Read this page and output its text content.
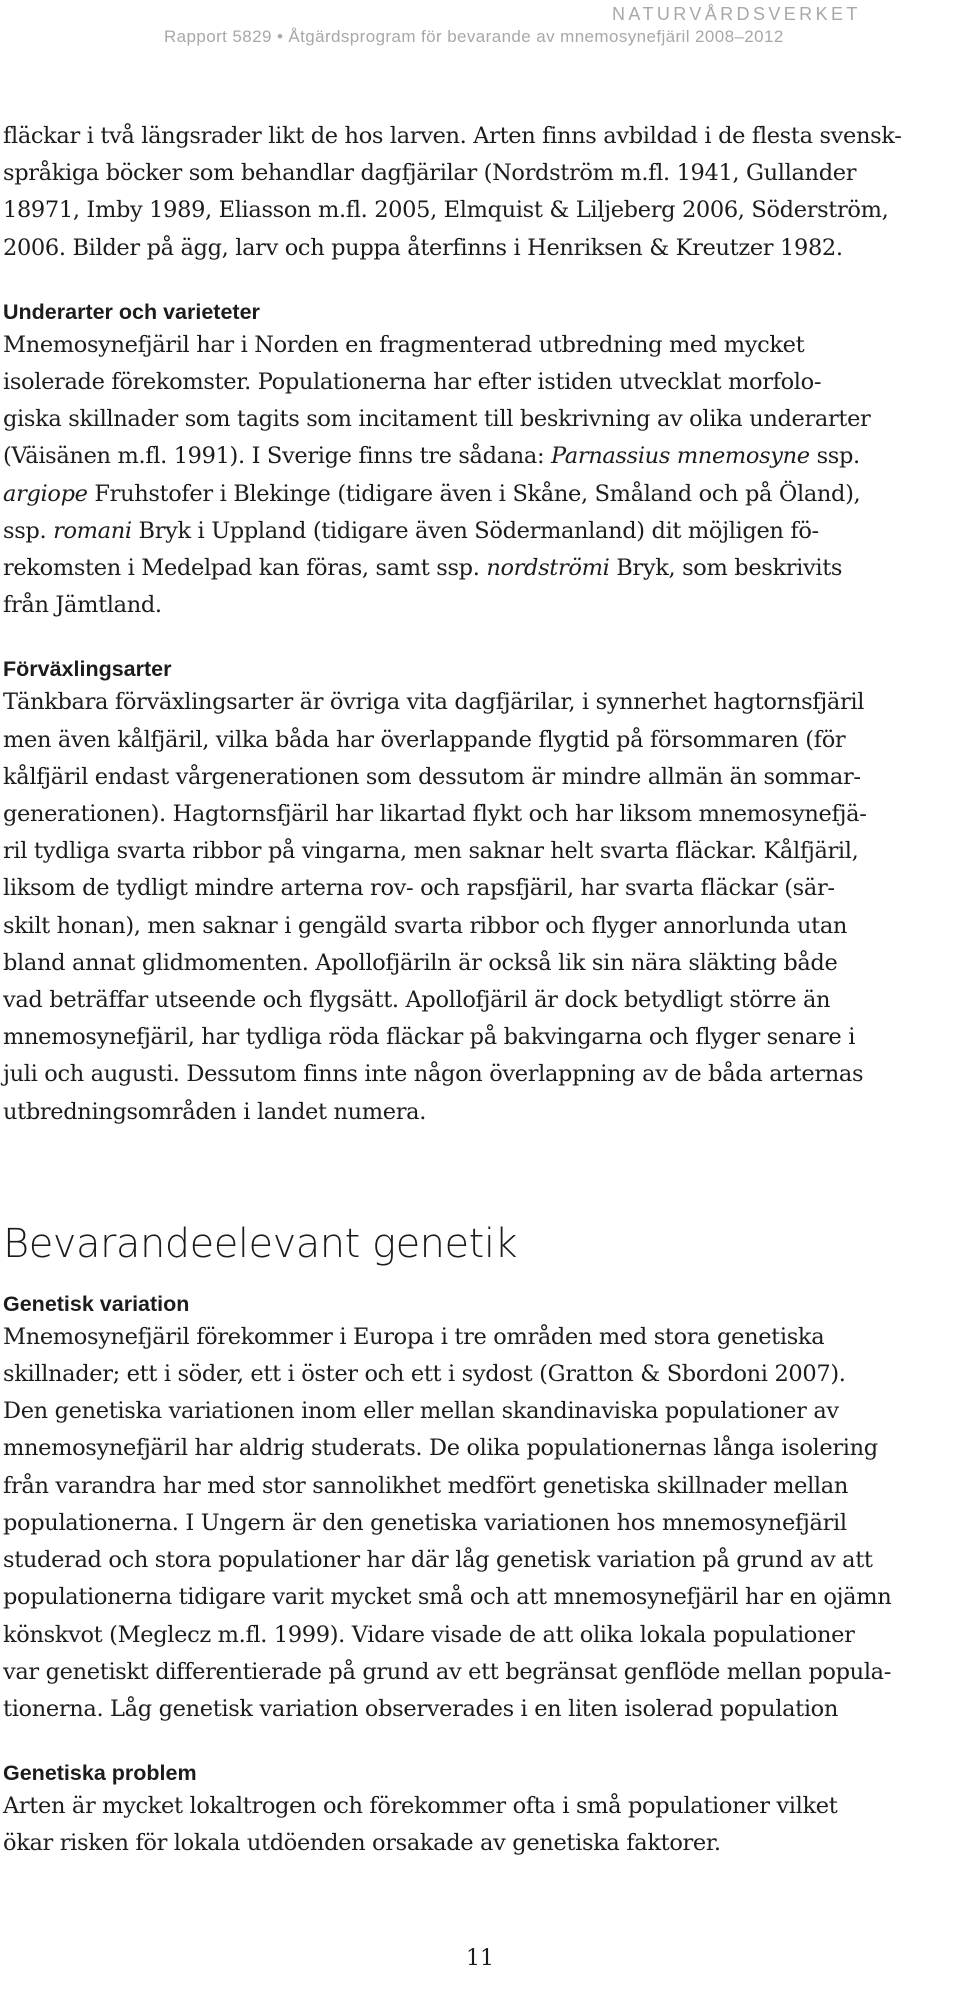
NATURVÅRDSVERKET
Rapport 5829 • Åtgärdsprogram för bevarande av mnemosynefjäril 2008–2012

fläckar i två längsrader likt de hos larven. Arten finns avbildad i de flesta svensk-
språkiga böcker som behandlar dagfjärilar (Nordström m.fl. 1941, Gullander
18971, Imby 1989, Eliasson m.fl. 2005, Elmquist & Liljeberg 2006, Söderström,
2006. Bilder på ägg, larv och puppa återfinns i Henriksen & Kreutzer 1982.

Underarter och varieteter

Mnemosynefjäril har i Norden en fragmenterad utbredning med mycket
isolerade förekomster. Populationerna har efter istiden utvecklat morfolo-
giska skillnader som tagits som incitament till beskrivning av olika underarter
(Väisänen m.fl. 1991). I Sverige finns tre sådana: Parnassius mnemosyne ssp.
argiope Fruhstofer i Blekinge (tidigare även i Skåne, Småland och på Öland),
ssp. romani Bryk i Uppland (tidigare även Södermanland) dit möjligen fö-
rekomsten i Medelpad kan föras, samt ssp. nordströmi Bryk, som beskrivits
från Jämtland.

Förväxlingsarter

Tänkbara förväxlingsarter är övriga vita dagfjärilar, i synnerhet hagtornsfjäril
men även kålfjäril, vilka båda har överlappande flygtid på försommaren (för
kålfjäril endast vårgenerationen som dessutom är mindre allmän än sommar-
generationen). Hagtornsfjäril har likartad flykt och har liksom mnemosynefjä-
ril tydliga svarta ribbor på vingarna, men saknar helt svarta fläckar. Kålfjäril,
liksom de tydligt mindre arterna rov- och rapsfjäril, har svarta fläckar (sär-
skilt honan), men saknar i gengäld svarta ribbor och flyger annorlunda utan
bland annat glidmomenten. Apollofjäriln är också lik sin nära släkting både
vad beträffar utseende och flygsätt. Apollofjäril är dock betydligt större än
mnemosynefjäril, har tydliga röda fläckar på bakvingarna och flyger senare i
juli och augusti. Dessutom finns inte någon överlappning av de båda arternas
utbredningsområden i landet numera.

Bevarandeelevant genetik
Genetisk variation

Mnemosynefjäril förekommer i Europa i tre områden med stora genetiska
skillnader; ett i söder, ett i öster och ett i sydost (Gratton & Sbordoni 2007).
Den genetiska variationen inom eller mellan skandinaviska populationer av
mnemosynefjäril har aldrig studerats. De olika populationernas långa isolering
från varandra har med stor sannolikhet medfört genetiska skillnader mellan
populationerna. I Ungern är den genetiska variationen hos mnemosynefjäril
studerad och stora populationer har där låg genetisk variation på grund av att
populationerna tidigare varit mycket små och att mnemosynefjäril har en ojämn
könskvot (Meglecz m.fl. 1999). Vidare visade de att olika lokala populationer
var genetiskt differentierade på grund av ett begränsat genflöde mellan popula-
tionerna. Låg genetisk variation observerades i en liten isolerad population

Genetiska problem

Arten är mycket lokaltrogen och förekommer ofta i små populationer vilket
ökar risken för lokala utdöenden orsakade av genetiska faktorer.

11
